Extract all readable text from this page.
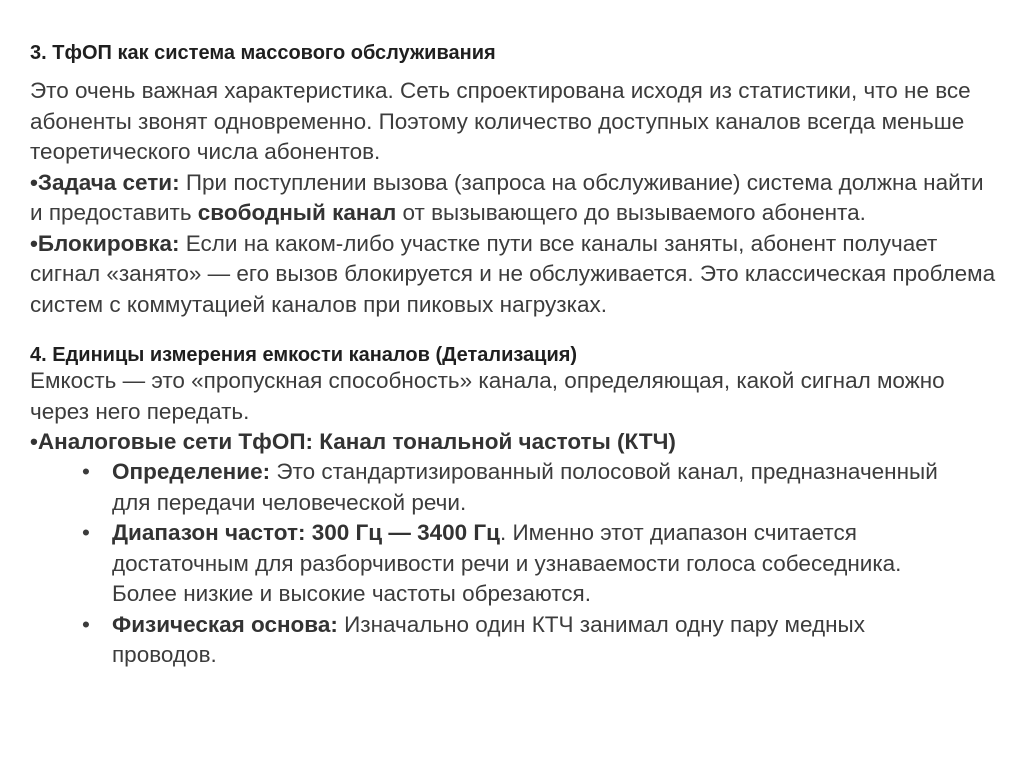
3. ТфОП как система массового обслуживания

Это очень важная характеристика. Сеть спроектирована исходя из статистики, что не все абоненты звонят одновременно. Поэтому количество доступных каналов всегда меньше теоретического числа абонентов.

•Задача сети: При поступлении вызова (запроса на обслуживание) система должна найти и предоставить свободный канал от вызывающего до вызываемого абонента.

•Блокировка: Если на каком-либо участке пути все каналы заняты, абонент получает сигнал «занято» — его вызов блокируется и не обслуживается. Это классическая проблема систем с коммутацией каналов при пиковых нагрузках.

4. Единицы измерения емкости каналов (Детализация)

Емкость — это «пропускная способность» канала, определяющая, какой сигнал можно через него передать.

•Аналоговые сети ТфОП: Канал тональной частоты (КТЧ)

• Определение: Это стандартизированный полосовой канал, предназначенный для передачи человеческой речи.
• Диапазон частот: 300 Гц — 3400 Гц. Именно этот диапазон считается достаточным для разборчивости речи и узнаваемости голоса собеседника. Более низкие и высокие частоты обрезаются.
• Физическая основа: Изначально один КТЧ занимал одну пару медных проводов.
